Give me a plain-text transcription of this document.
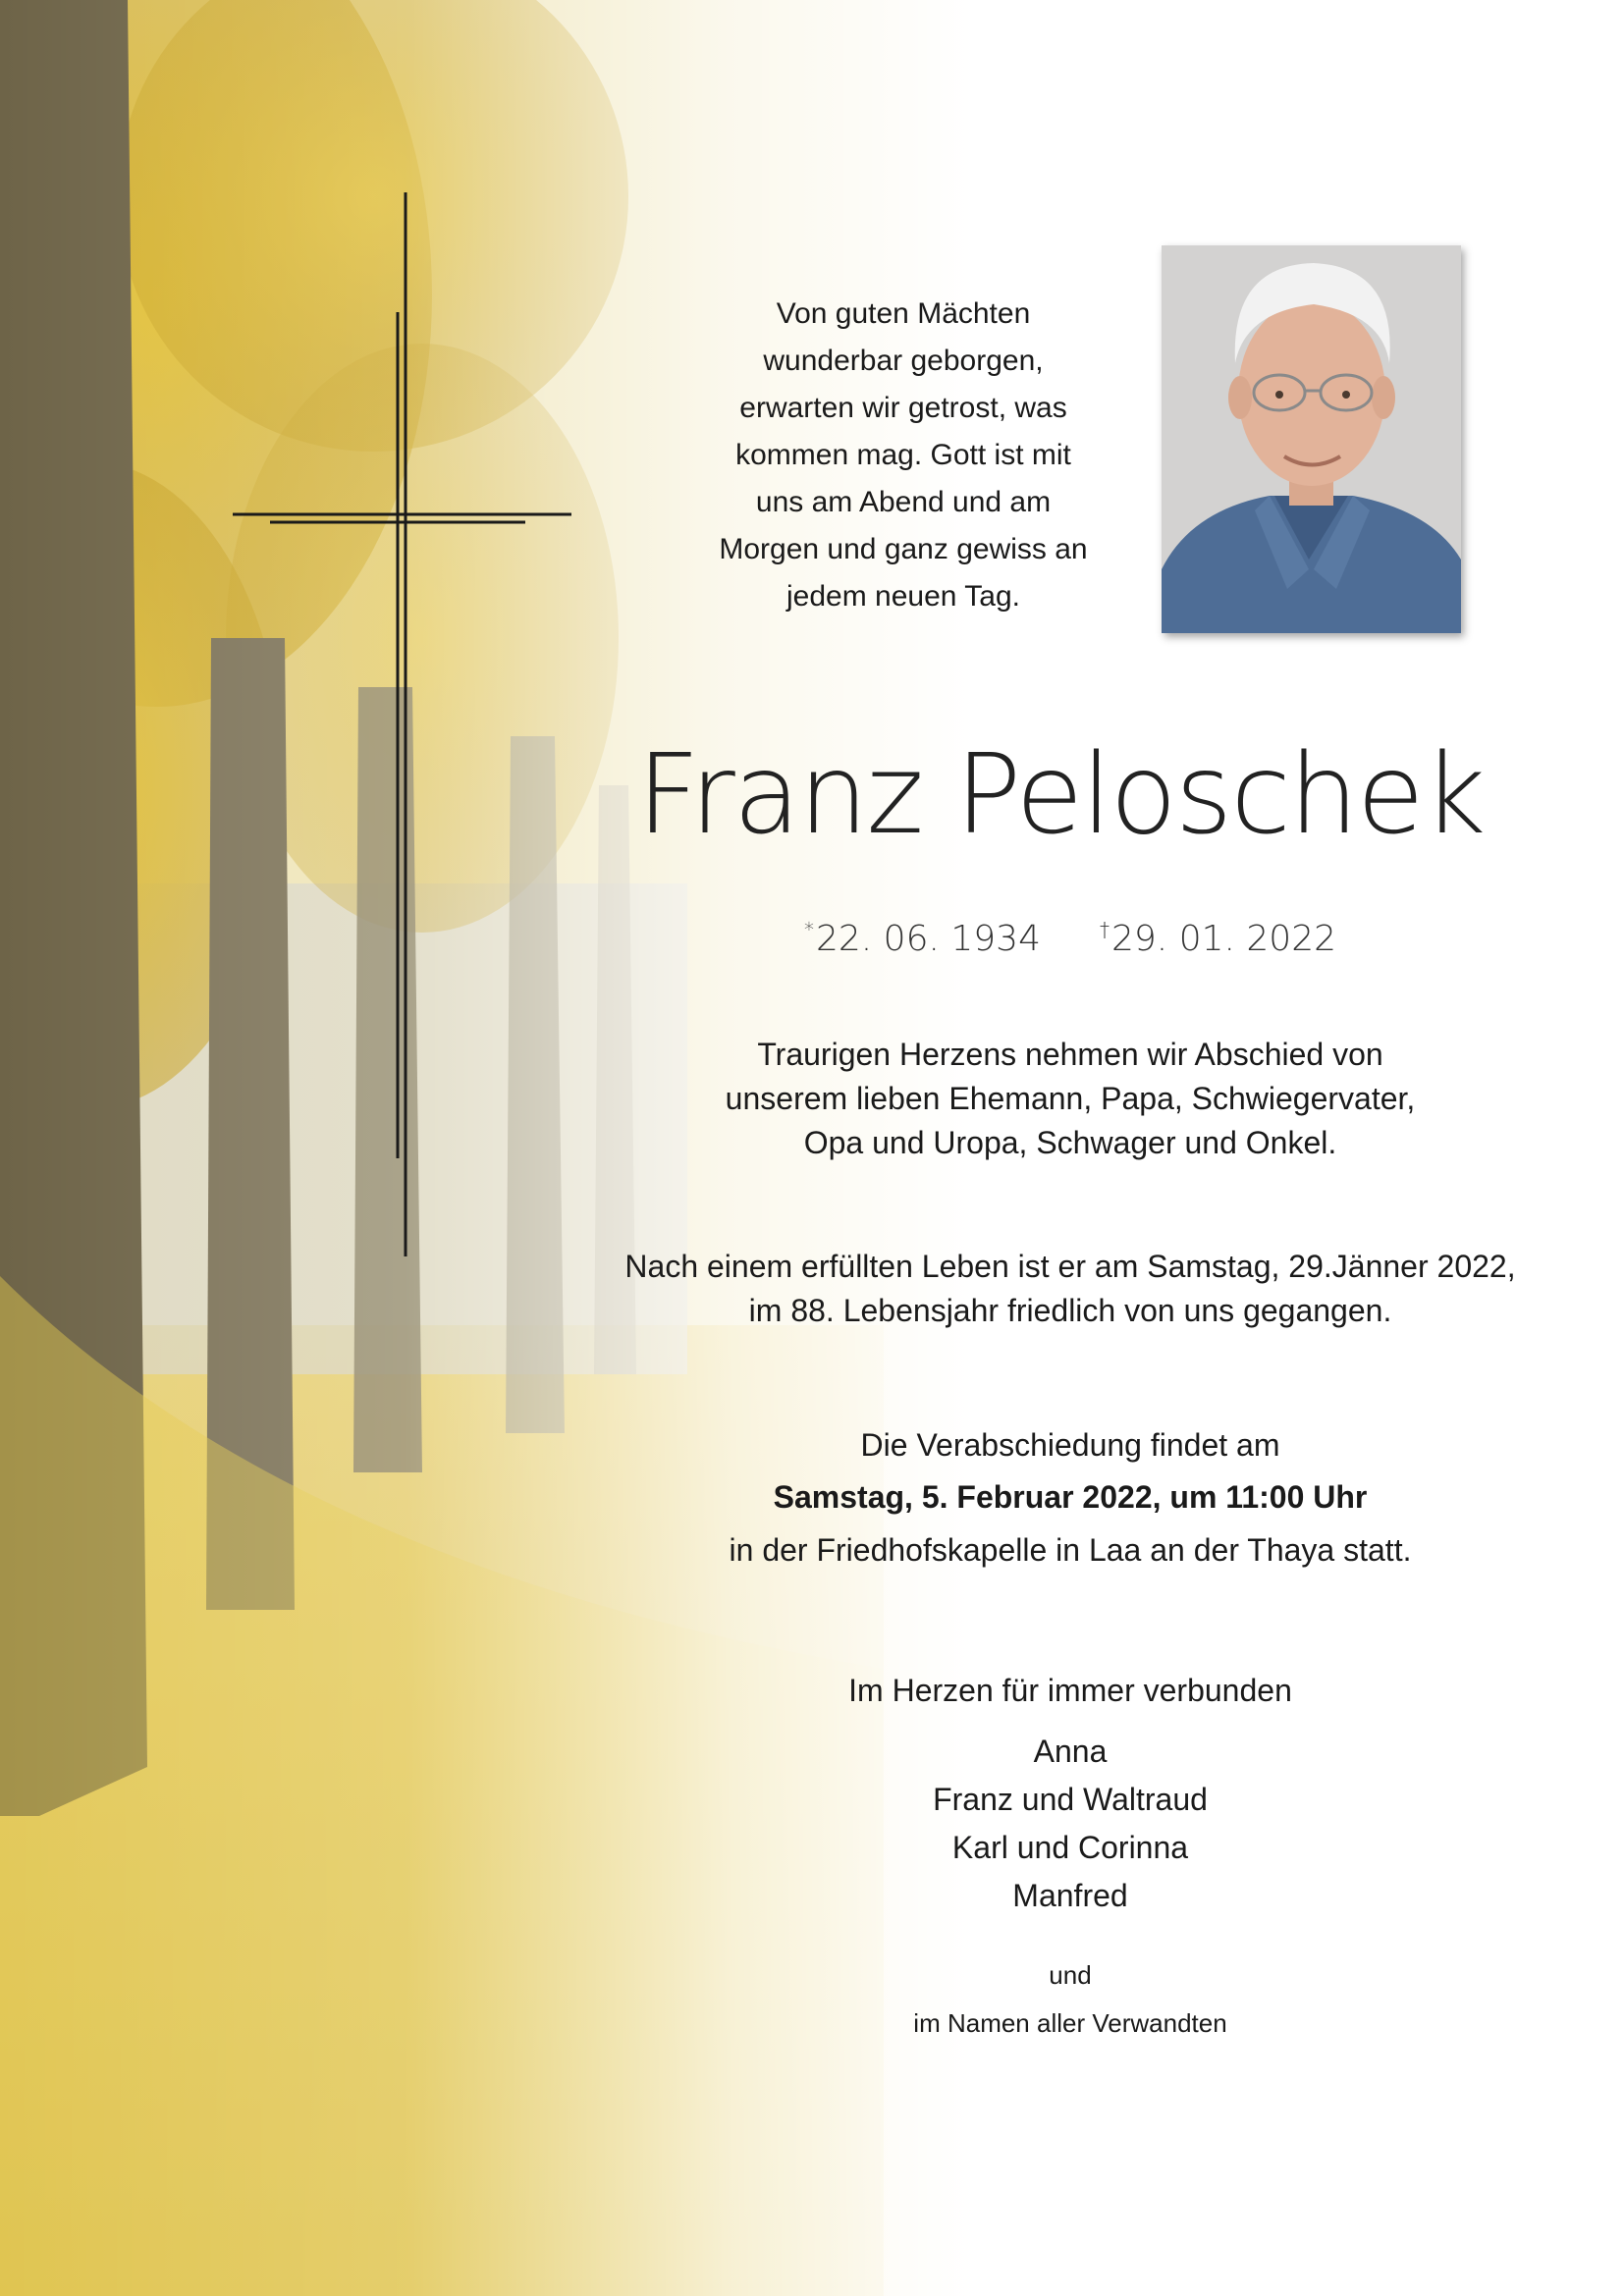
Von guten Mächten
wunderbar geborgen,
erwarten wir getrost, was
kommen mag. Gott ist mit
uns am Abend und am
Morgen und ganz gewiss an
jedem neuen Tag.
Franz Peloschek
*22. 06. 1934	†29. 01. 2022
Traurigen Herzens nehmen wir Abschied von
unserem lieben Ehemann, Papa, Schwiegervater,
Opa und Uropa, Schwager und Onkel.
Nach einem erfüllten Leben ist er am Samstag, 29.Jänner 2022,
im 88. Lebensjahr friedlich von uns gegangen.
Die Verabschiedung findet am
Samstag, 5. Februar 2022, um 11:00 Uhr
in der Friedhofskapelle in Laa an der Thaya statt.
Im Herzen für immer verbunden
Anna
Franz und Waltraud
Karl und Corinna
Manfred
und
im Namen aller Verwandten
